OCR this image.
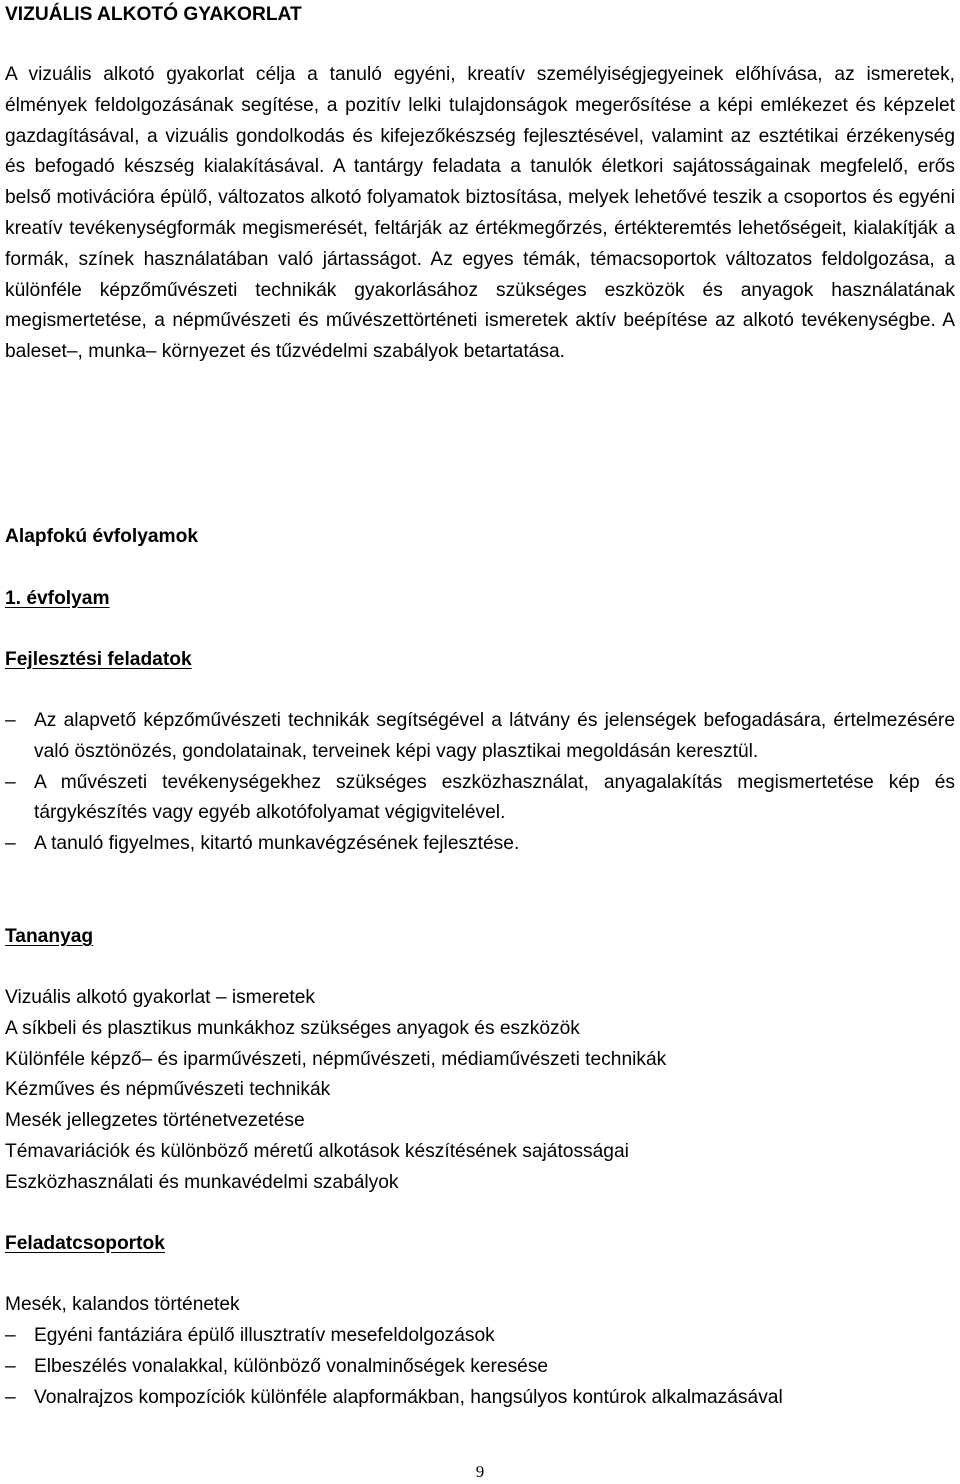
VIZUÁLIS ALKOTÓ GYAKORLAT

A vizuális alkotó gyakorlat célja a tanuló egyéni, kreatív személyiségjegyeinek előhívása, az ismeretek, élmények feldolgozásának segítése, a pozitív lelki tulajdonságok megerősítése a képi emlékezet és képzelet gazdagításával, a vizuális gondolkodás és kifejezőkészség fejlesztésével, valamint az esztétikai érzékenység és befogadó készség kialakításával. A tantárgy feladata a tanulók életkori sajátosságainak megfelelő, erős belső motivációra épülő, változatos alkotó folyamatok biztosítása, melyek lehetővé teszik a csoportos és egyéni kreatív tevékenységformák megismerését, feltárják az értékmegőrzés, értékteremtés lehetőségeit, kialakítják a formák, színek használatában való jártasságot. Az egyes témák, témacsoportok változatos feldolgozása, a különféle képzőművészeti technikák gyakorlásához szükséges eszközök és anyagok használatának megismertetése, a népművészeti és művészettörténeti ismeretek aktív beépítése az alkotó tevékenységbe. A baleset–, munka– környezet és tűzvédelmi szabályok betartatása.

Alapfokú évfolyamok
1. évfolyam
Fejlesztési feladatok
– Az alapvető képzőművészeti technikák segítségével a látvány és jelenségek befogadására, értelmezésére való ösztönözés, gondolatainak, terveinek képi vagy plasztikai megoldásán keresztül.
– A művészeti tevékenységekhez szükséges eszközhasználat, anyagalakítás megismertetése kép és tárgykészítés vagy egyéb alkotófolyamat végigvitelével.
– A tanuló figyelmes, kitartó munkavégzésének fejlesztése.
Tananyag
Vizuális alkotó gyakorlat – ismeretek
A síkbeli és plasztikus munkákhoz szükséges anyagok és eszközök
Különféle képző– és iparművészeti, népművészeti, médiaművészeti technikák
Kézműves és népművészeti technikák
Mesék jellegzetes történetvezetése
Témavariációk és különböző méretű alkotások készítésének sajátosságai
Eszközhasználati és munkavédelmi szabályok
Feladatcsoportok

Mesék, kalandos történetek

– Egyéni fantáziára épülő illusztratív mesefeldolgozások
– Elbeszélés vonalakkal, különböző vonalminőségek keresése
– Vonalrajzos kompozíciók különféle alapformákban, hangsúlyos kontúrok alkalmazásával
9
